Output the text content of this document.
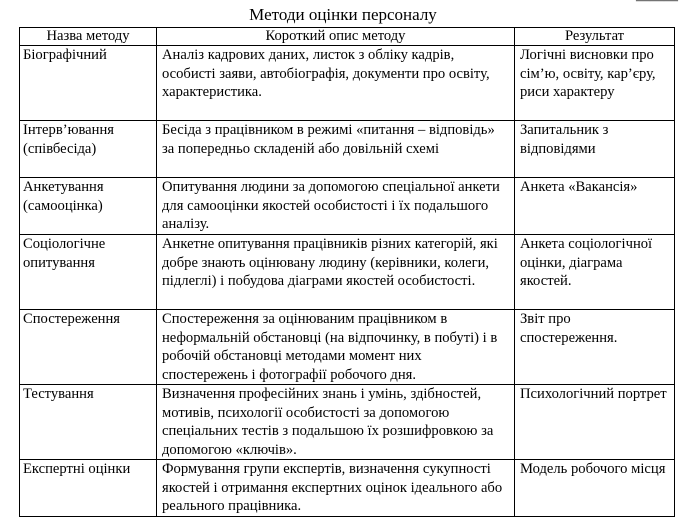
———
Методи оцінки персоналу
Назва методу	Короткий опис методу	Результат
Біографічний	Аналіз кадрових даних, листок з обліку кадрів, особисті заяви, автобіографія, документи про освіту, характеристика.	Логічні висновки про сім’ю, освіту, кар’єру, риси характеру
Інтерв’ювання (співбесіда)	Бесіда з працівником в режимі «питання – відповідь» за попередньо складеній або довільній схемі	Запитальник з відповідями
Анкетування (самооцінка)	Опитування людини за допомогою спеціальної анкети для самооцінки якостей особистості і їх подальшого аналізу.	Анкета «Вакансія»
Соціологічне опитування	Анкетне опитування працівників різних категорій, які добре знають оцінювану людину (керівники, колеги, підлеглі) і побудова діаграми якостей особистості.	Анкета соціологічної оцінки, діаграма якостей.
Спостереження	Спостереження за оцінюваним працівником в неформальній обстановці (на відпочинку, в побуті) і в робочій обстановці методами момент них спостережень і фотографії робочого дня.	Звіт про спостереження.
Тестування	Визначення професійних знань і умінь, здібностей, мотивів, психології особистості за допомогою спеціальних тестів з подальшою їх розшифровкою за допомогою «ключів».	Психологічний портрет
Експертні оцінки	Формування групи експертів, визначення сукупності якостей і отримання експертних оцінок ідеального або реального працівника.	Модель робочого місця
